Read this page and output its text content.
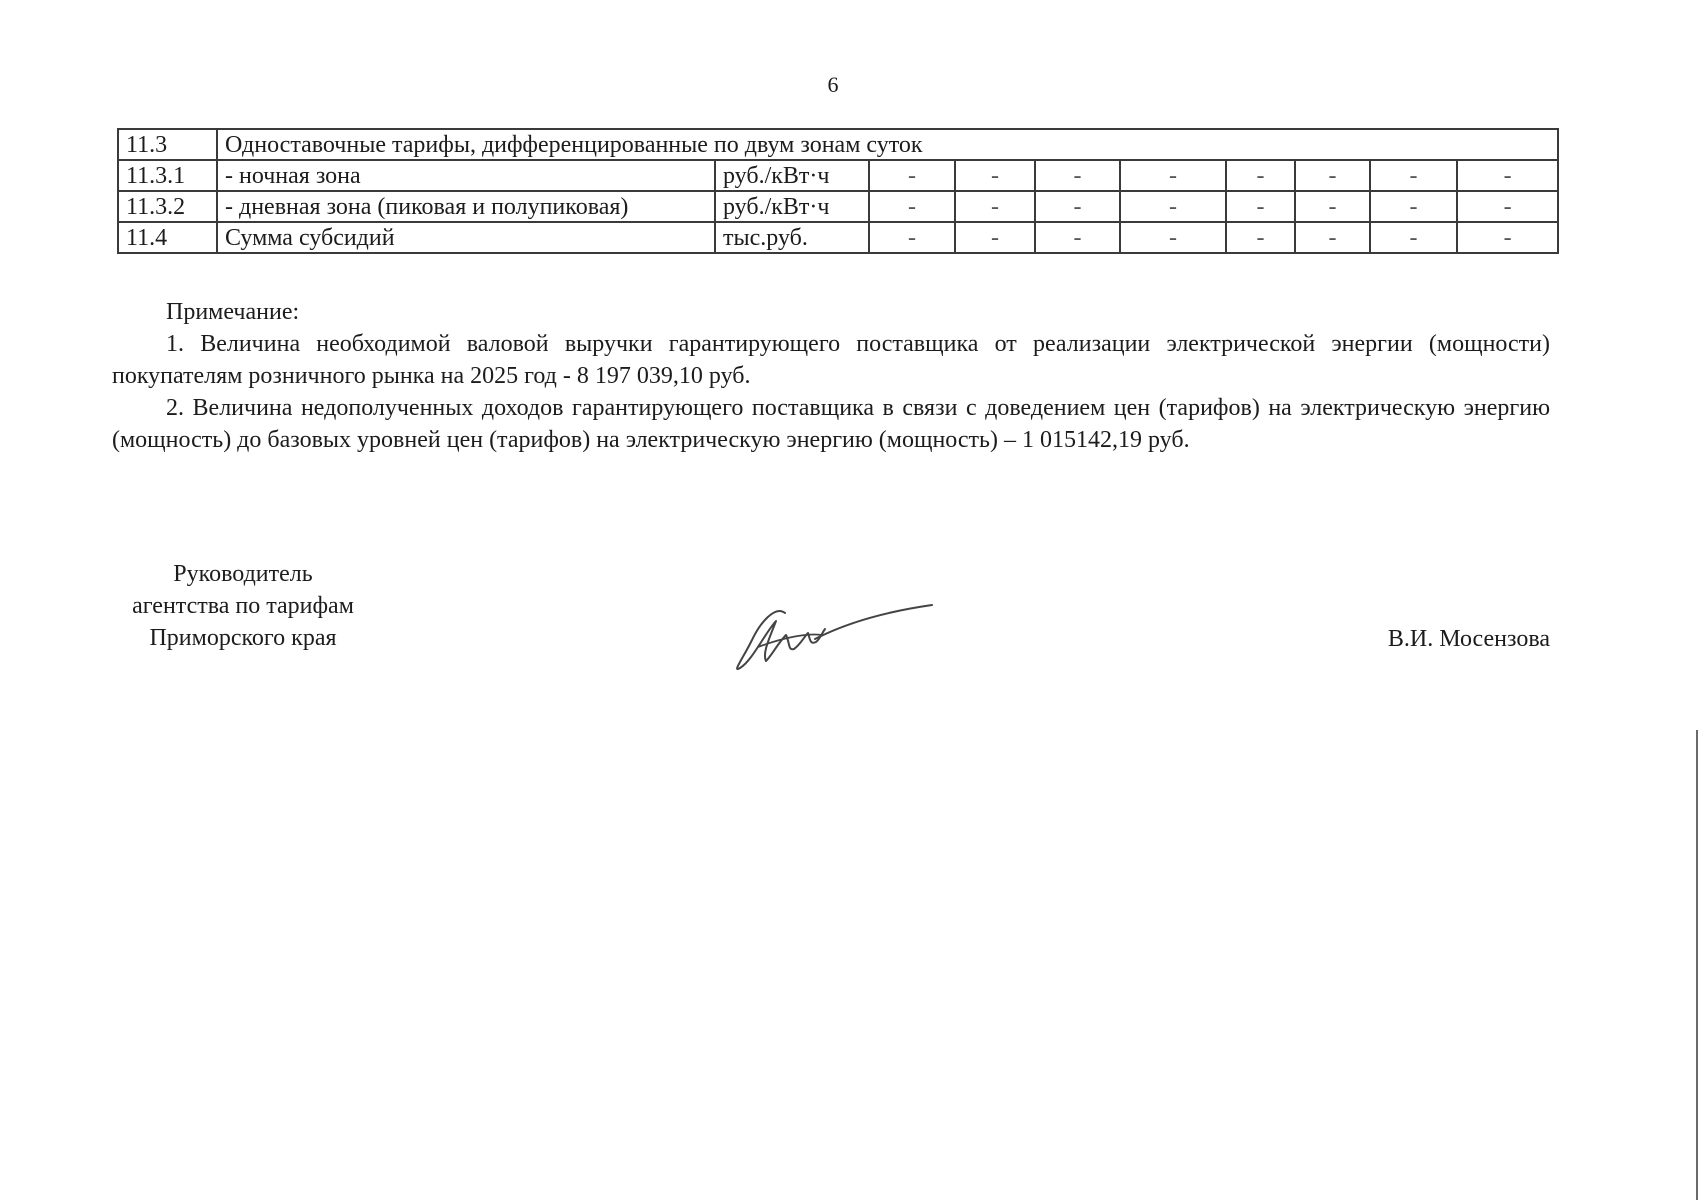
6
11.3	Одноставочные тарифы, дифференцированные по двум зонам суток									
11.3.1	- ночная зона	руб./кВт·ч	-	-	-	-	-	-	-	-
11.3.2	- дневная зона (пиковая и полупиковая)	руб./кВт·ч	-	-	-	-	-	-	-	-
11.4	Сумма субсидий	тыс.руб.	-	-	-	-	-	-	-	-

Примечание:

1. Величина необходимой валовой выручки гарантирующего поставщика от реализации электрической энергии (мощности) покупателям розничного рынка на 2025 год - 8 197 039,10 руб.

2. Величина недополученных доходов гарантирующего поставщика в связи с доведением цен (тарифов) на электрическую энергию (мощность) до базовых уровней цен (тарифов) на электрическую энергию (мощность) – 1 015142,19 руб.

Руководитель
агентства по тарифам
Приморского края	В.И. Мосензова
